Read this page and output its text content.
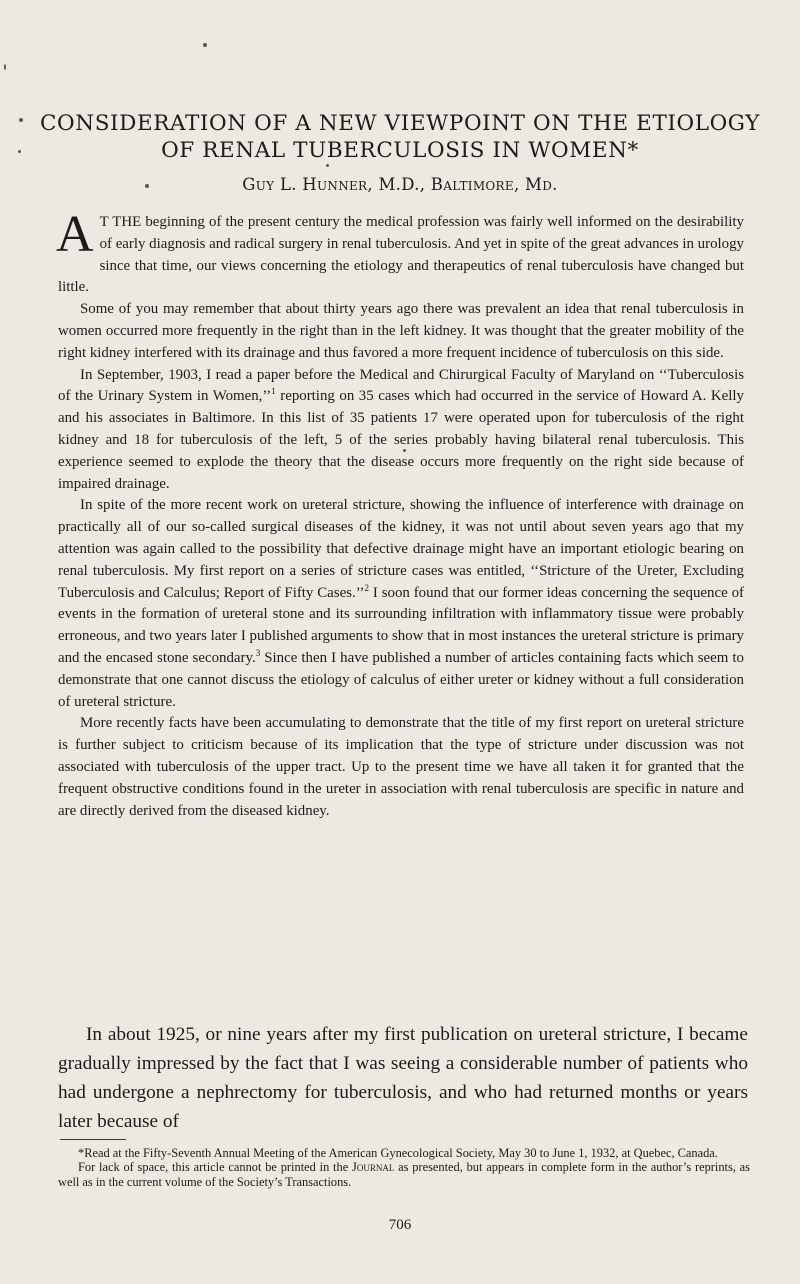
CONSIDERATION OF A NEW VIEWPOINT ON THE ETIOLOGY
OF RENAL TUBERCULOSIS IN WOMEN*

Guy L. Hunner, M.D., Baltimore, Md.

A T THE beginning of the present century the medical profession was fairly well informed on the desirability of early diagnosis and radical surgery in renal tuberculosis. And yet in spite of the great advances in urology since that time, our views concerning the etiology and therapeutics of renal tuberculosis have changed but little.

Some of you may remember that about thirty years ago there was prevalent an idea that renal tuberculosis in women occurred more frequently in the right than in the left kidney. It was thought that the greater mobility of the right kidney interfered with its drainage and thus favored a more frequent incidence of tuberculosis on this side.

In September, 1903, I read a paper before the Medical and Chirurgical Faculty of Maryland on ‘‘Tuberculosis of the Urinary System in Women,’’$^1$ reporting on 35 cases which had occurred in the service of Howard A. Kelly and his associates in Baltimore. In this list of 35 patients 17 were operated upon for tuberculosis of the right kidney and 18 for tuberculosis of the left, 5 of the series probably having bilateral renal tuberculosis. This experience seemed to explode the theory that the disease occurs more frequently on the right side because of impaired drainage.

In spite of the more recent work on ureteral stricture, showing the influence of interference with drainage on practically all of our so-called surgical diseases of the kidney, it was not until about seven years ago that my attention was again called to the possibility that defective drainage might have an important etiologic bearing on renal tuberculosis. My first report on a series of stricture cases was entitled, ‘‘Stricture of the Ureter, Excluding Tuberculosis and Calculus; Report of Fifty Cases.’’$^2$ I soon found that our former ideas concerning the sequence of events in the formation of ureteral stone and its surrounding infiltration with inflammatory tissue were probably erroneous, and two years later I published arguments to show that in most instances the ureteral stricture is primary and the encased stone secondary.$^3$ Since then I have published a number of articles containing facts which seem to demonstrate that one cannot discuss the etiology of calculus of either ureter or kidney without a full consideration of ureteral stricture.

More recently facts have been accumulating to demonstrate that the title of my first report on ureteral stricture is further subject to criticism because of its implication that the type of stricture under discussion was not associated with tuberculosis of the upper tract. Up to the present time we have all taken it for granted that the frequent obstructive conditions found in the ureter in association with renal tuberculosis are specific in nature and are directly derived from the diseased kidney.

In about 1925, or nine years after my first publication on ureteral stricture, I became gradually impressed by the fact that I was seeing a considerable number of patients who had undergone a nephrectomy for tuberculosis, and who had returned months or years later because of

*Read at the Fifty-Seventh Annual Meeting of the American Gynecological Society, May 30 to June 1, 1932, at Quebec, Canada.

For lack of space, this article cannot be printed in the Journal as presented, but appears in complete form in the author’s reprints, as well as in the current volume of the Society’s Transactions.

706
